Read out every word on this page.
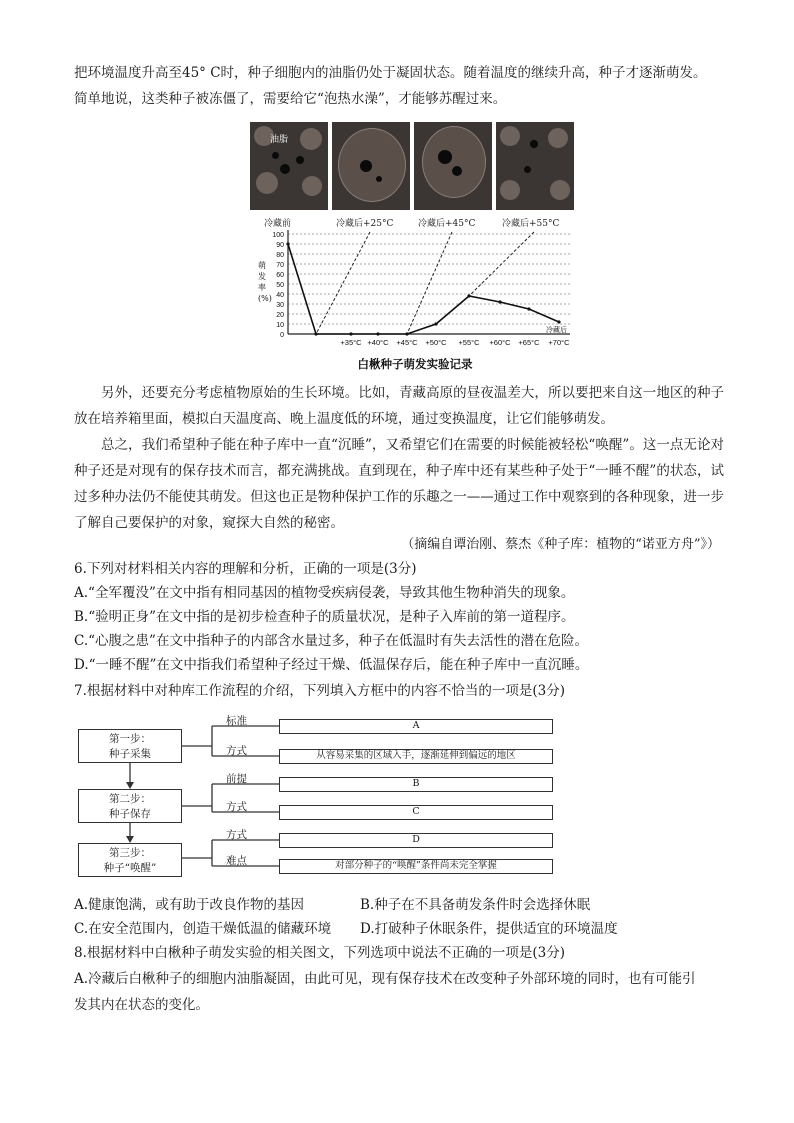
把环境温度升高至45° C时，种子细胞内的油脂仍处于凝固状态。随着温度的继续升高，种子才逐渐萌发。

简单地说，这类种子被冻僵了，需要给它“泡热水澡”，才能够苏醒过来。

油脂
冷藏前	冷藏后+25°C	冷藏后+45°C	冷藏后+55°C
0
10
20
30
40
50
60
70
80
90
100
萌
发
率
(%)
+35°C +40°C +45°C +50°C +55°C +60°C +65°C +70°C
冷藏后
白楸种子萌发实验记录

另外，还要充分考虑植物原始的生长环境。比如，青藏高原的昼夜温差大，所以要把来自这一地区的种子放在培养箱里面，模拟白天温度高、晚上温度低的环境，通过变换温度，让它们能够萌发。

总之，我们希望种子能在种子库中一直“沉睡”，又希望它们在需要的时候能被轻松“唤醒”。这一点无论对种子还是对现有的保存技术而言，都充满挑战。直到现在，种子库中还有某些种子处于“一睡不醒”的状态，试过多种办法仍不能使其萌发。但这也正是物种保护工作的乐趣之一——通过工作中观察到的各种现象，进一步了解自己要保护的对象，窥探大自然的秘密。

（摘编自谭治刚、蔡杰《种子库：植物的“诺亚方舟”》）

6.下列对材料相关内容的理解和分析，正确的一项是(3分)

A.“全军覆没”在文中指有相同基因的植物受疾病侵袭，导致其他生物种消失的现象。

B.“验明正身”在文中指的是初步检查种子的质量状况，是种子入库前的第一道程序。

C.“心腹之患”在文中指种子的内部含水量过多，种子在低温时有失去活性的潜在危险。

D.“一睡不醒”在文中指我们希望种子经过干燥、低温保存后，能在种子库中一直沉睡。

7.根据材料中对种库工作流程的介绍，下列填入方框中的内容不恰当的一项是(3分)

第一步：
种子采集
第二步：
种子保存
第三步：
种子“唤醒”
标准	A
方式	从容易采集的区域入手，逐渐延伸到偏远的地区
前提	B
方式	C
方式	D
难点	对部分种子的“唤醒”条件尚未完全掌握

A.健康饱满，或有助于改良作物的基因	B.种子在不具备萌发条件时会选择休眠

C.在安全范围内，创造干燥低温的储藏环境 D.打破种子休眠条件，提供适宜的环境温度

8.根据材料中白楸种子萌发实验的相关图文，下列选项中说法不正确的一项是(3分)

A.冷藏后白楸种子的细胞内油脂凝固，由此可见，现有保存技术在改变种子外部环境的同时，也有可能引

发其内在状态的变化。
